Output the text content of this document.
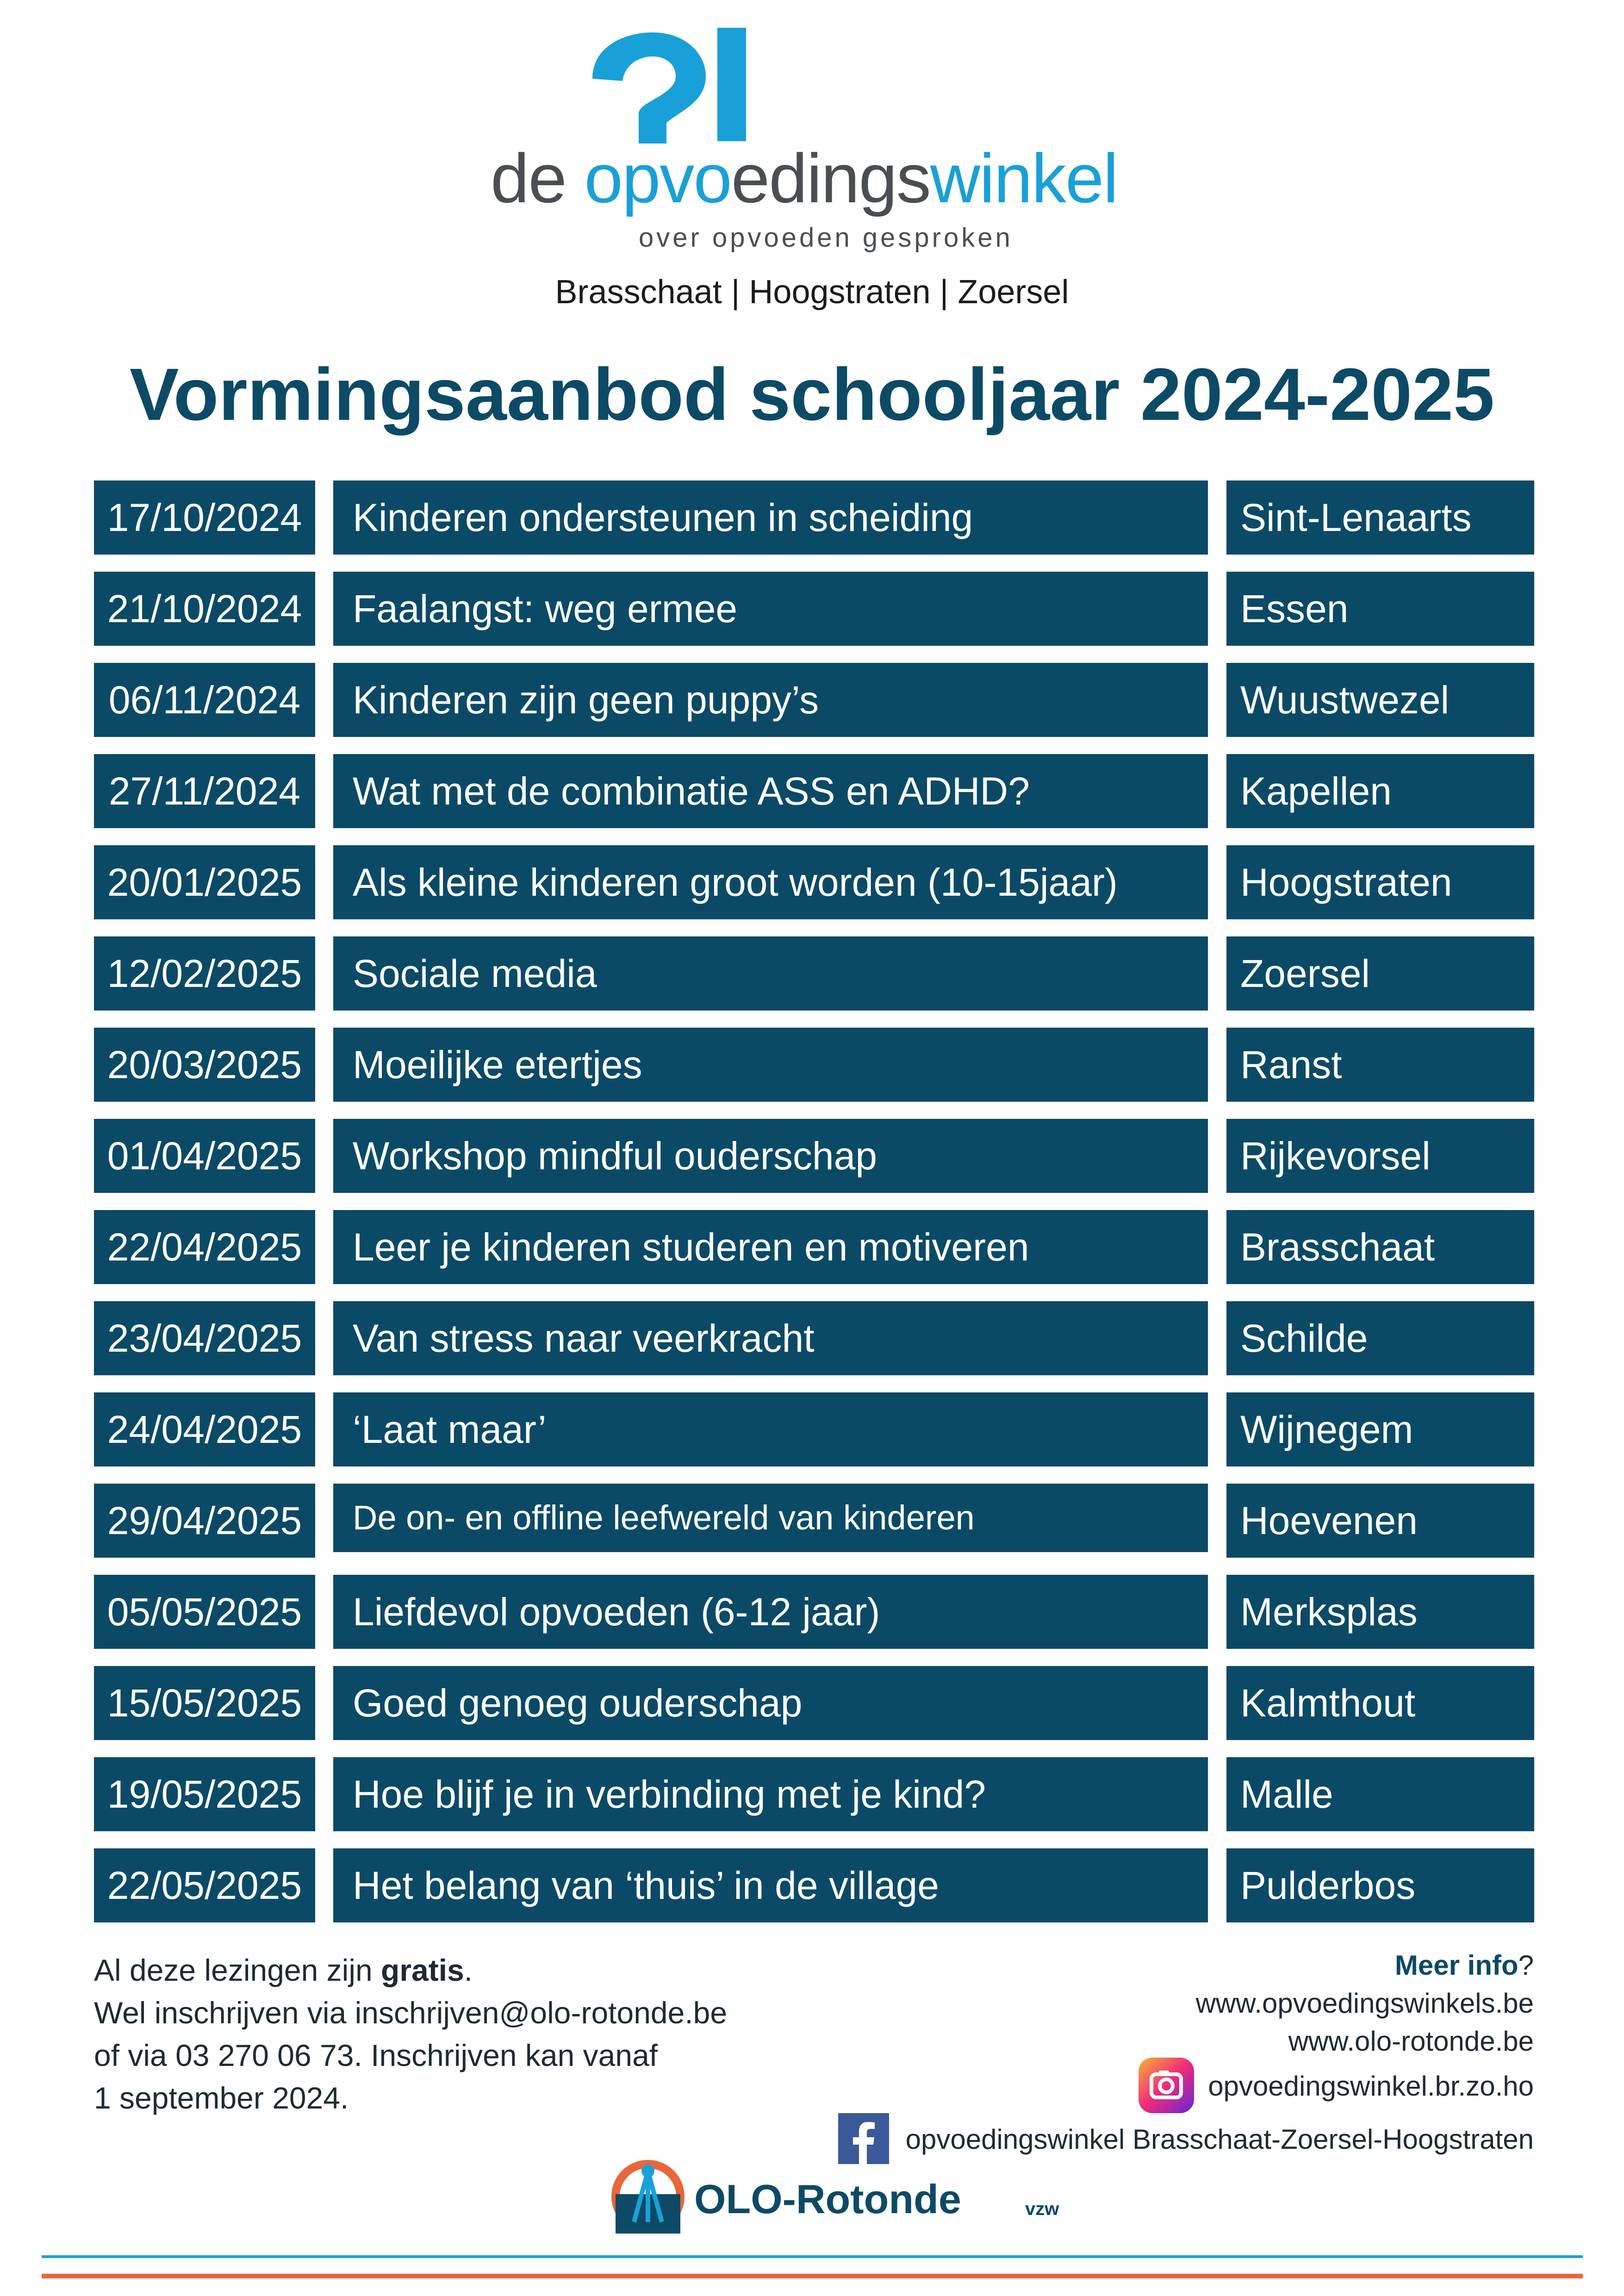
de opvoedingswinkel
over opvoeden gesproken
Brasschaat | Hoogstraten | Zoersel
Vormingsaanbod schooljaar 2024-2025
17/10/2024	Kinderen ondersteunen in scheiding	Sint-Lenaarts
21/10/2024	Faalangst: weg ermee	Essen
06/11/2024	Kinderen zijn geen puppy’s	Wuustwezel
27/11/2024	Wat met de combinatie ASS en ADHD?	Kapellen
20/01/2025	Als kleine kinderen groot worden (10-15jaar)	Hoogstraten
12/02/2025	Sociale media	Zoersel
20/03/2025	Moeilijke etertjes	Ranst
01/04/2025	Workshop mindful ouderschap	Rijkevorsel
22/04/2025	Leer je kinderen studeren en motiveren	Brasschaat
23/04/2025	Van stress naar veerkracht	Schilde
24/04/2025	‘Laat maar’	Wijnegem
29/04/2025	De on- en offline leefwereld van kinderen	Hoevenen
05/05/2025	Liefdevol opvoeden (6-12 jaar)	Merksplas
15/05/2025	Goed genoeg ouderschap	Kalmthout
19/05/2025	Hoe blijf je in verbinding met je kind?	Malle
22/05/2025	Het belang van ‘thuis’ in de village	Pulderbos
Al deze lezingen zijn gratis.
Wel inschrijven via inschrijven@olo-rotonde.be
of via 03 270 06 73. Inschrijven kan vanaf
1 september 2024.
Meer info?
www.opvoedingswinkels.be
www.olo-rotonde.be
opvoedingswinkel.br.zo.ho
opvoedingswinkel Brasschaat-Zoersel-Hoogstraten
OLO-Rotonde	vzw
